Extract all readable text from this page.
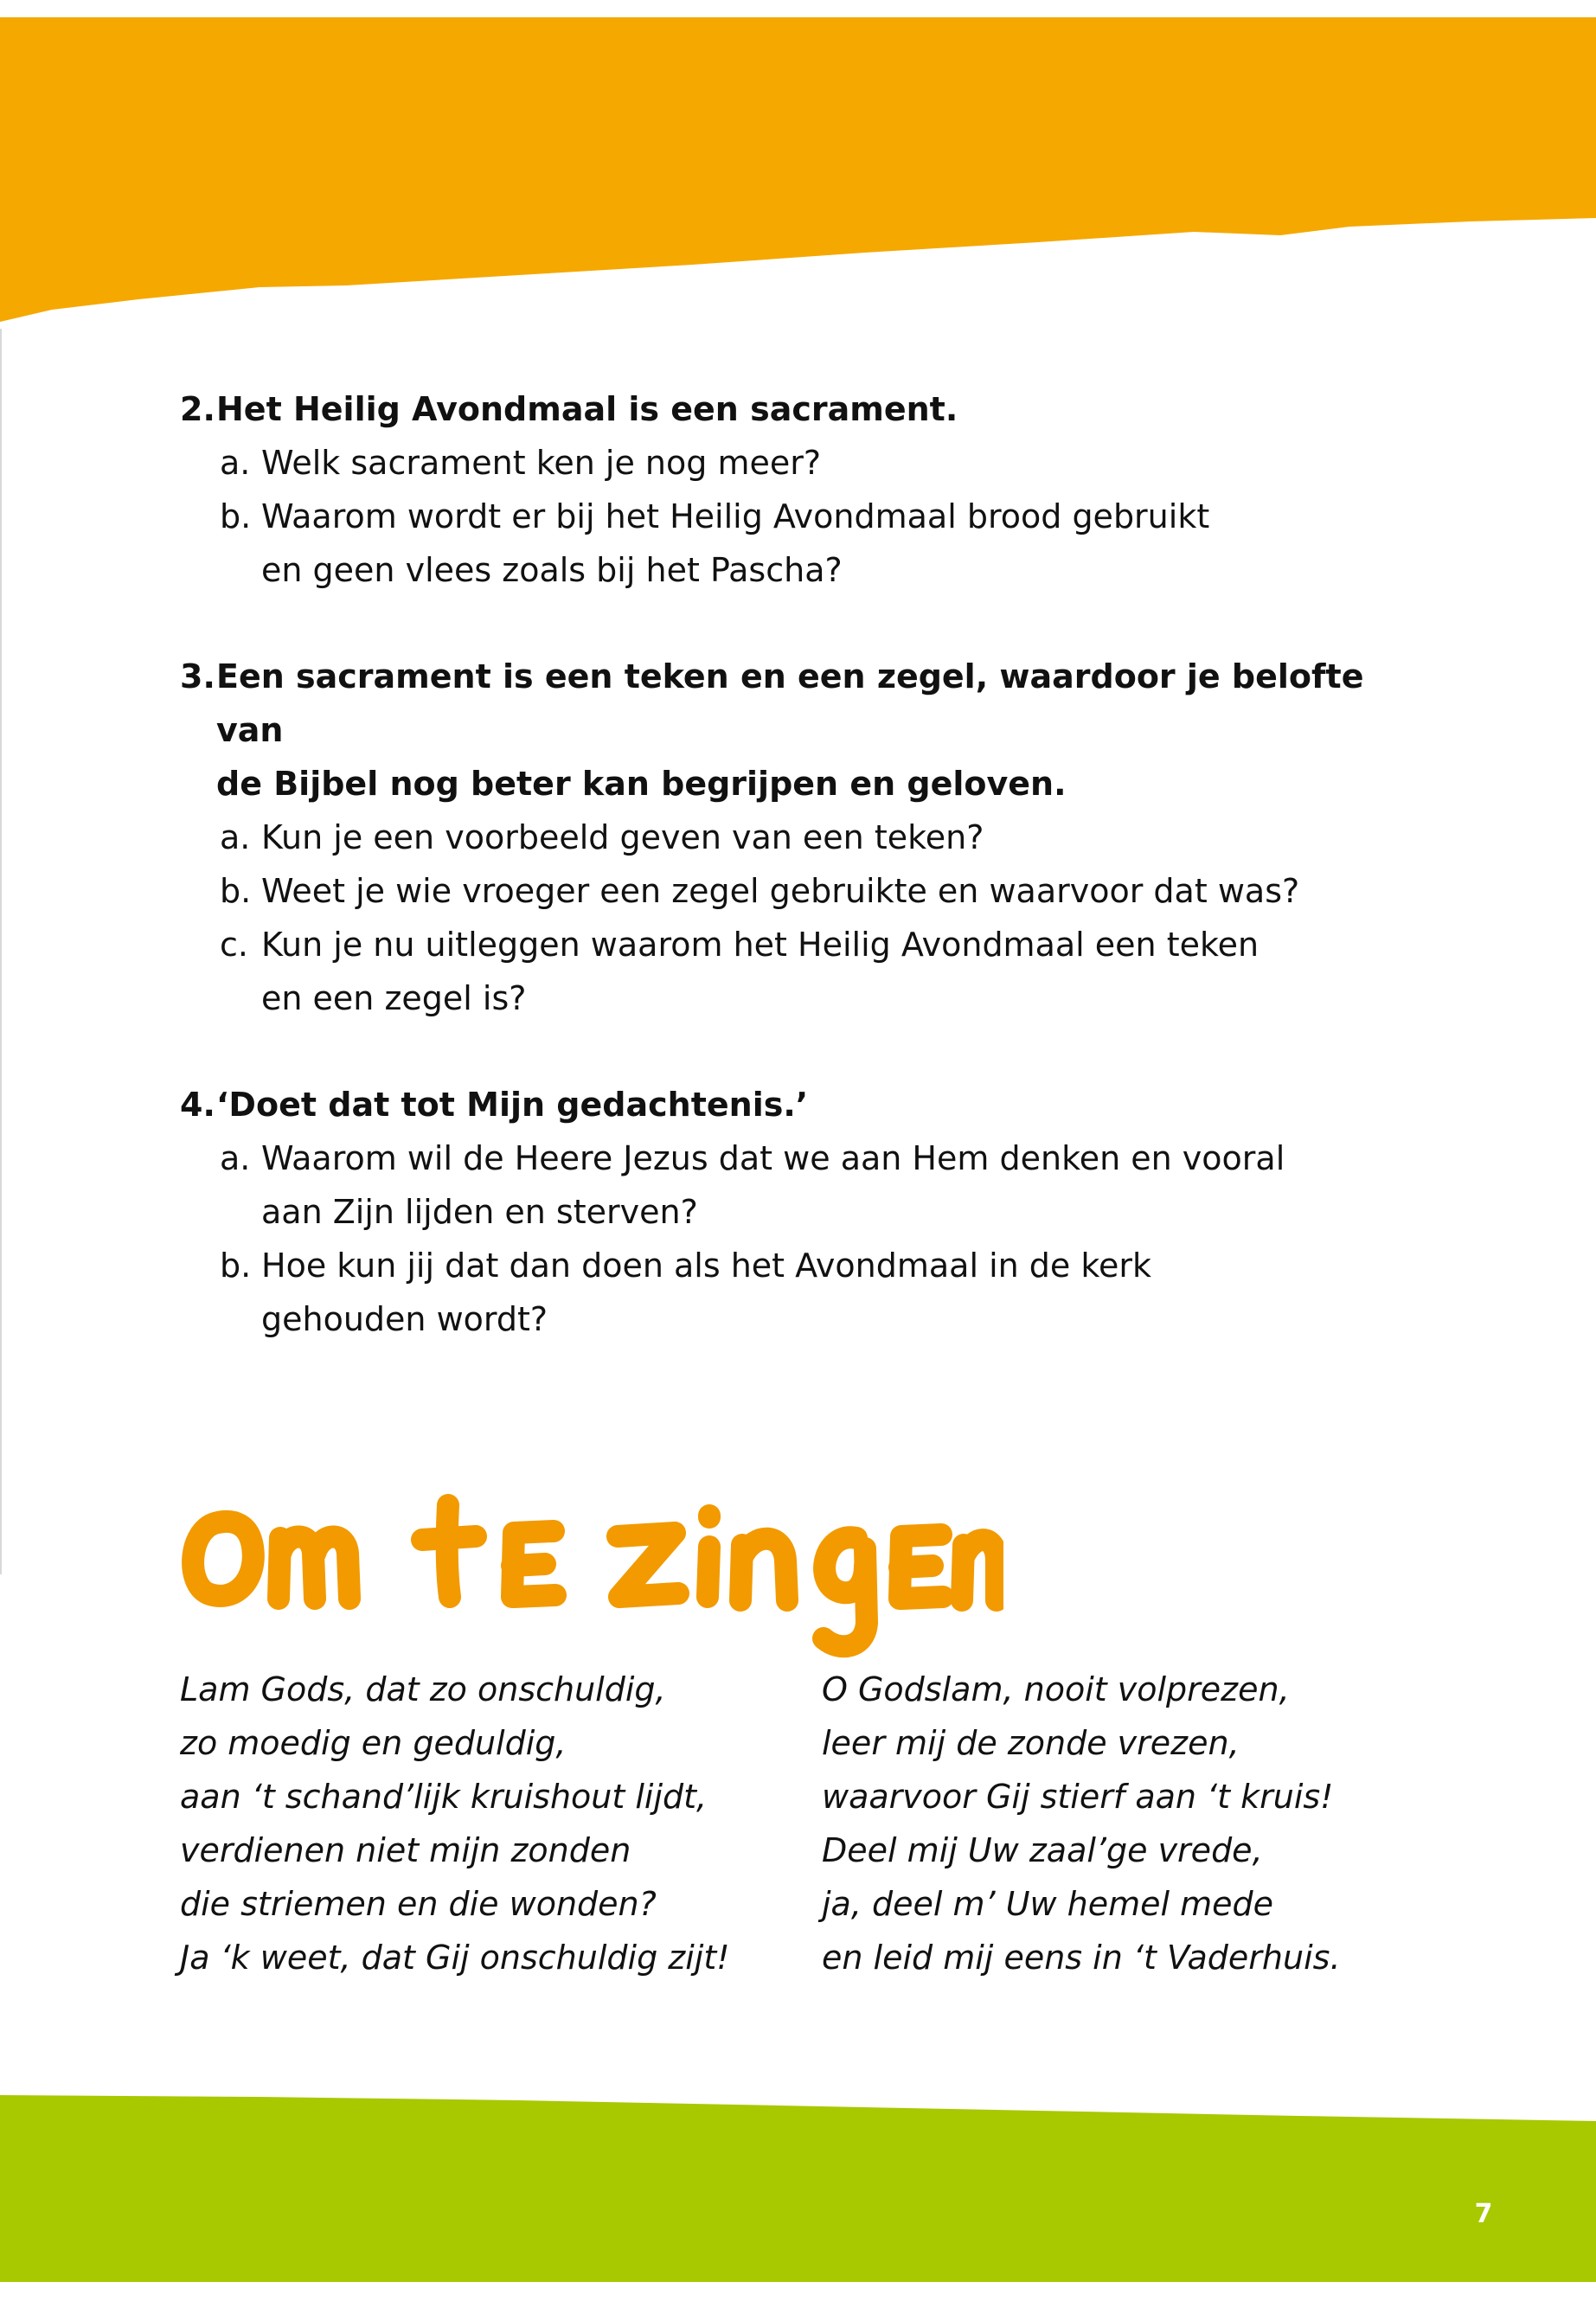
2. Het Heilig Avondmaal is een sacrament.
a. Welk sacrament ken je nog meer?
b. Waarom wordt er bij het Heilig Avondmaal brood gebruikt
en geen vlees zoals bij het Pascha?
3. Een sacrament is een teken en een zegel, waardoor je belofte van
de Bijbel nog beter kan begrijpen en geloven.
a. Kun je een voorbeeld geven van een teken?
b. Weet je wie vroeger een zegel gebruikte en waarvoor dat was?
c. Kun je nu uitleggen waarom het Heilig Avondmaal een teken
en een zegel is?
4. ‘Doet dat tot Mijn gedachtenis.’
a. Waarom wil de Heere Jezus dat we aan Hem denken en vooral
aan Zijn lijden en sterven?
b. Hoe kun jij dat dan doen als het Avondmaal in de kerk
gehouden wordt?
Lam Gods, dat zo onschuldig,
zo moedig en geduldig,
aan ‘t schand’lijk kruishout lijdt,
verdienen niet mijn zonden
die striemen en die wonden?
Ja ‘k weet, dat Gij onschuldig zijt!
O Godslam, nooit volprezen,
leer mij de zonde vrezen,
waarvoor Gij stierf aan ‘t kruis!
Deel mij Uw zaal’ge vrede,
ja, deel m’ Uw hemel mede
en leid mij eens in ‘t Vaderhuis.
7
